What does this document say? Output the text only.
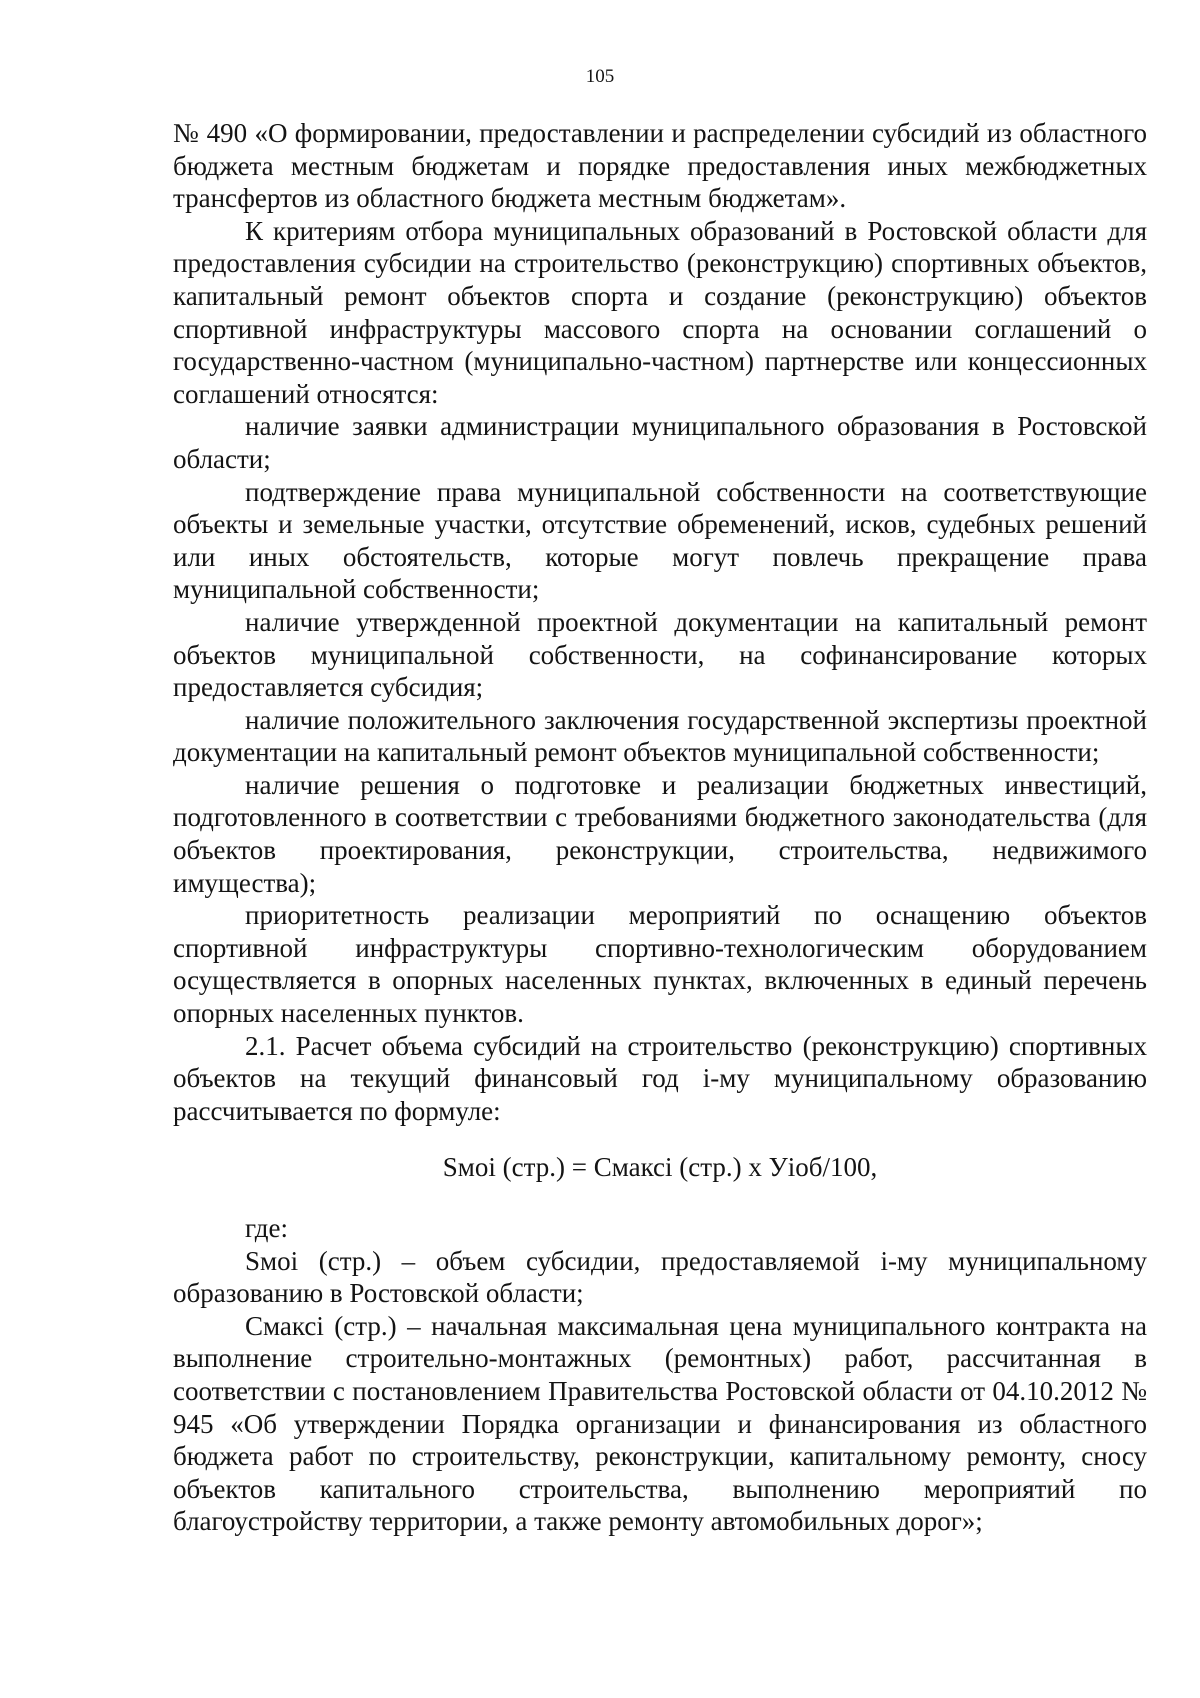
105

№ 490 «О формировании, предоставлении и распределении субсидий из областного бюджета местным бюджетам и порядке предоставления иных межбюджетных трансфертов из областного бюджета местным бюджетам».

К критериям отбора муниципальных образований в Ростовской области для предоставления субсидии на строительство (реконструкцию) спортивных объектов, капитальный ремонт объектов спорта и создание (реконструкцию) объектов спортивной инфраструктуры массового спорта на основании соглашений о государственно-частном (муниципально-частном) партнерстве или концессионных соглашений относятся:

наличие заявки администрации муниципального образования в Ростовской области;

подтверждение права муниципальной собственности на соответствующие объекты и земельные участки, отсутствие обременений, исков, судебных решений или иных обстоятельств, которые могут повлечь прекращение права муниципальной собственности;

наличие утвержденной проектной документации на капитальный ремонт объектов муниципальной собственности, на софинансирование которых предоставляется субсидия;

наличие положительного заключения государственной экспертизы проектной документации на капитальный ремонт объектов муниципальной собственности;

наличие решения о подготовке и реализации бюджетных инвестиций, подготовленного в соответствии с требованиями бюджетного законодательства (для объектов проектирования, реконструкции, строительства, недвижимого имущества);

приоритетность реализации мероприятий по оснащению объектов спортивной инфраструктуры спортивно-технологическим оборудованием осуществляется в опорных населенных пунктах, включенных в единый перечень опорных населенных пунктов.

2.1. Расчет объема субсидий на строительство (реконструкцию) спортивных объектов на текущий финансовый год i-му муниципальному образованию рассчитывается по формуле:

Sмоi (стр.) = Смаксi (стр.) х Уioб/100,

где:

Sмоi (стр.) – объем субсидии, предоставляемой i-му муниципальному образованию в Ростовской области;

Смаксi (стр.) – начальная максимальная цена муниципального контракта на выполнение строительно-монтажных (ремонтных) работ, рассчитанная в соответствии с постановлением Правительства Ростовской области от 04.10.2012 № 945 «Об утверждении Порядка организации и финансирования из областного бюджета работ по строительству, реконструкции, капитальному ремонту, сносу объектов капитального строительства, выполнению мероприятий по благоустройству территории, а также ремонту автомобильных дорог»;
